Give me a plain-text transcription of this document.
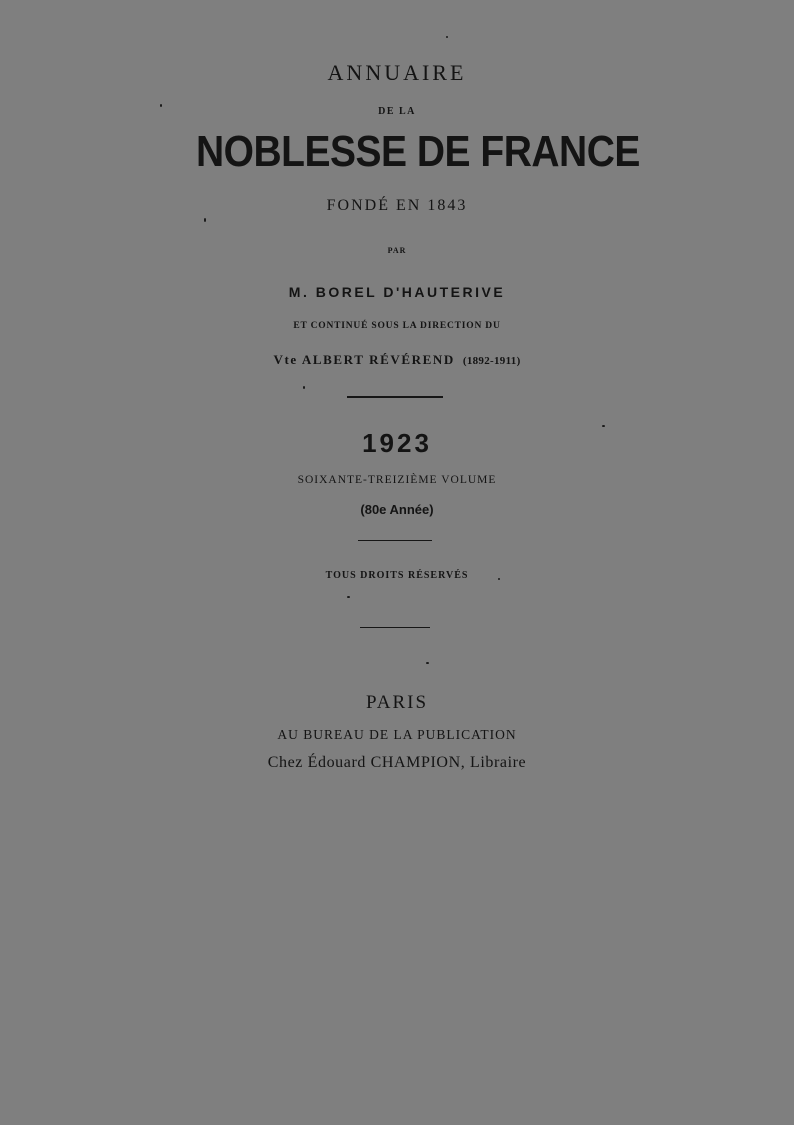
ANNUAIRE
DE LA
NOBLESSE DE FRANCE
FONDÉ EN 1843
PAR
M. BOREL D'HAUTERIVE
ET CONTINUÉ SOUS LA DIRECTION DU
Vte ALBERT RÉVÉREND (1892-1911)
1923
SOIXANTE-TREIZIÈME VOLUME
(80e Année)
TOUS DROITS RÉSERVÉS
PARIS
AU BUREAU DE LA PUBLICATION
Chez Édouard CHAMPION, Libraire
